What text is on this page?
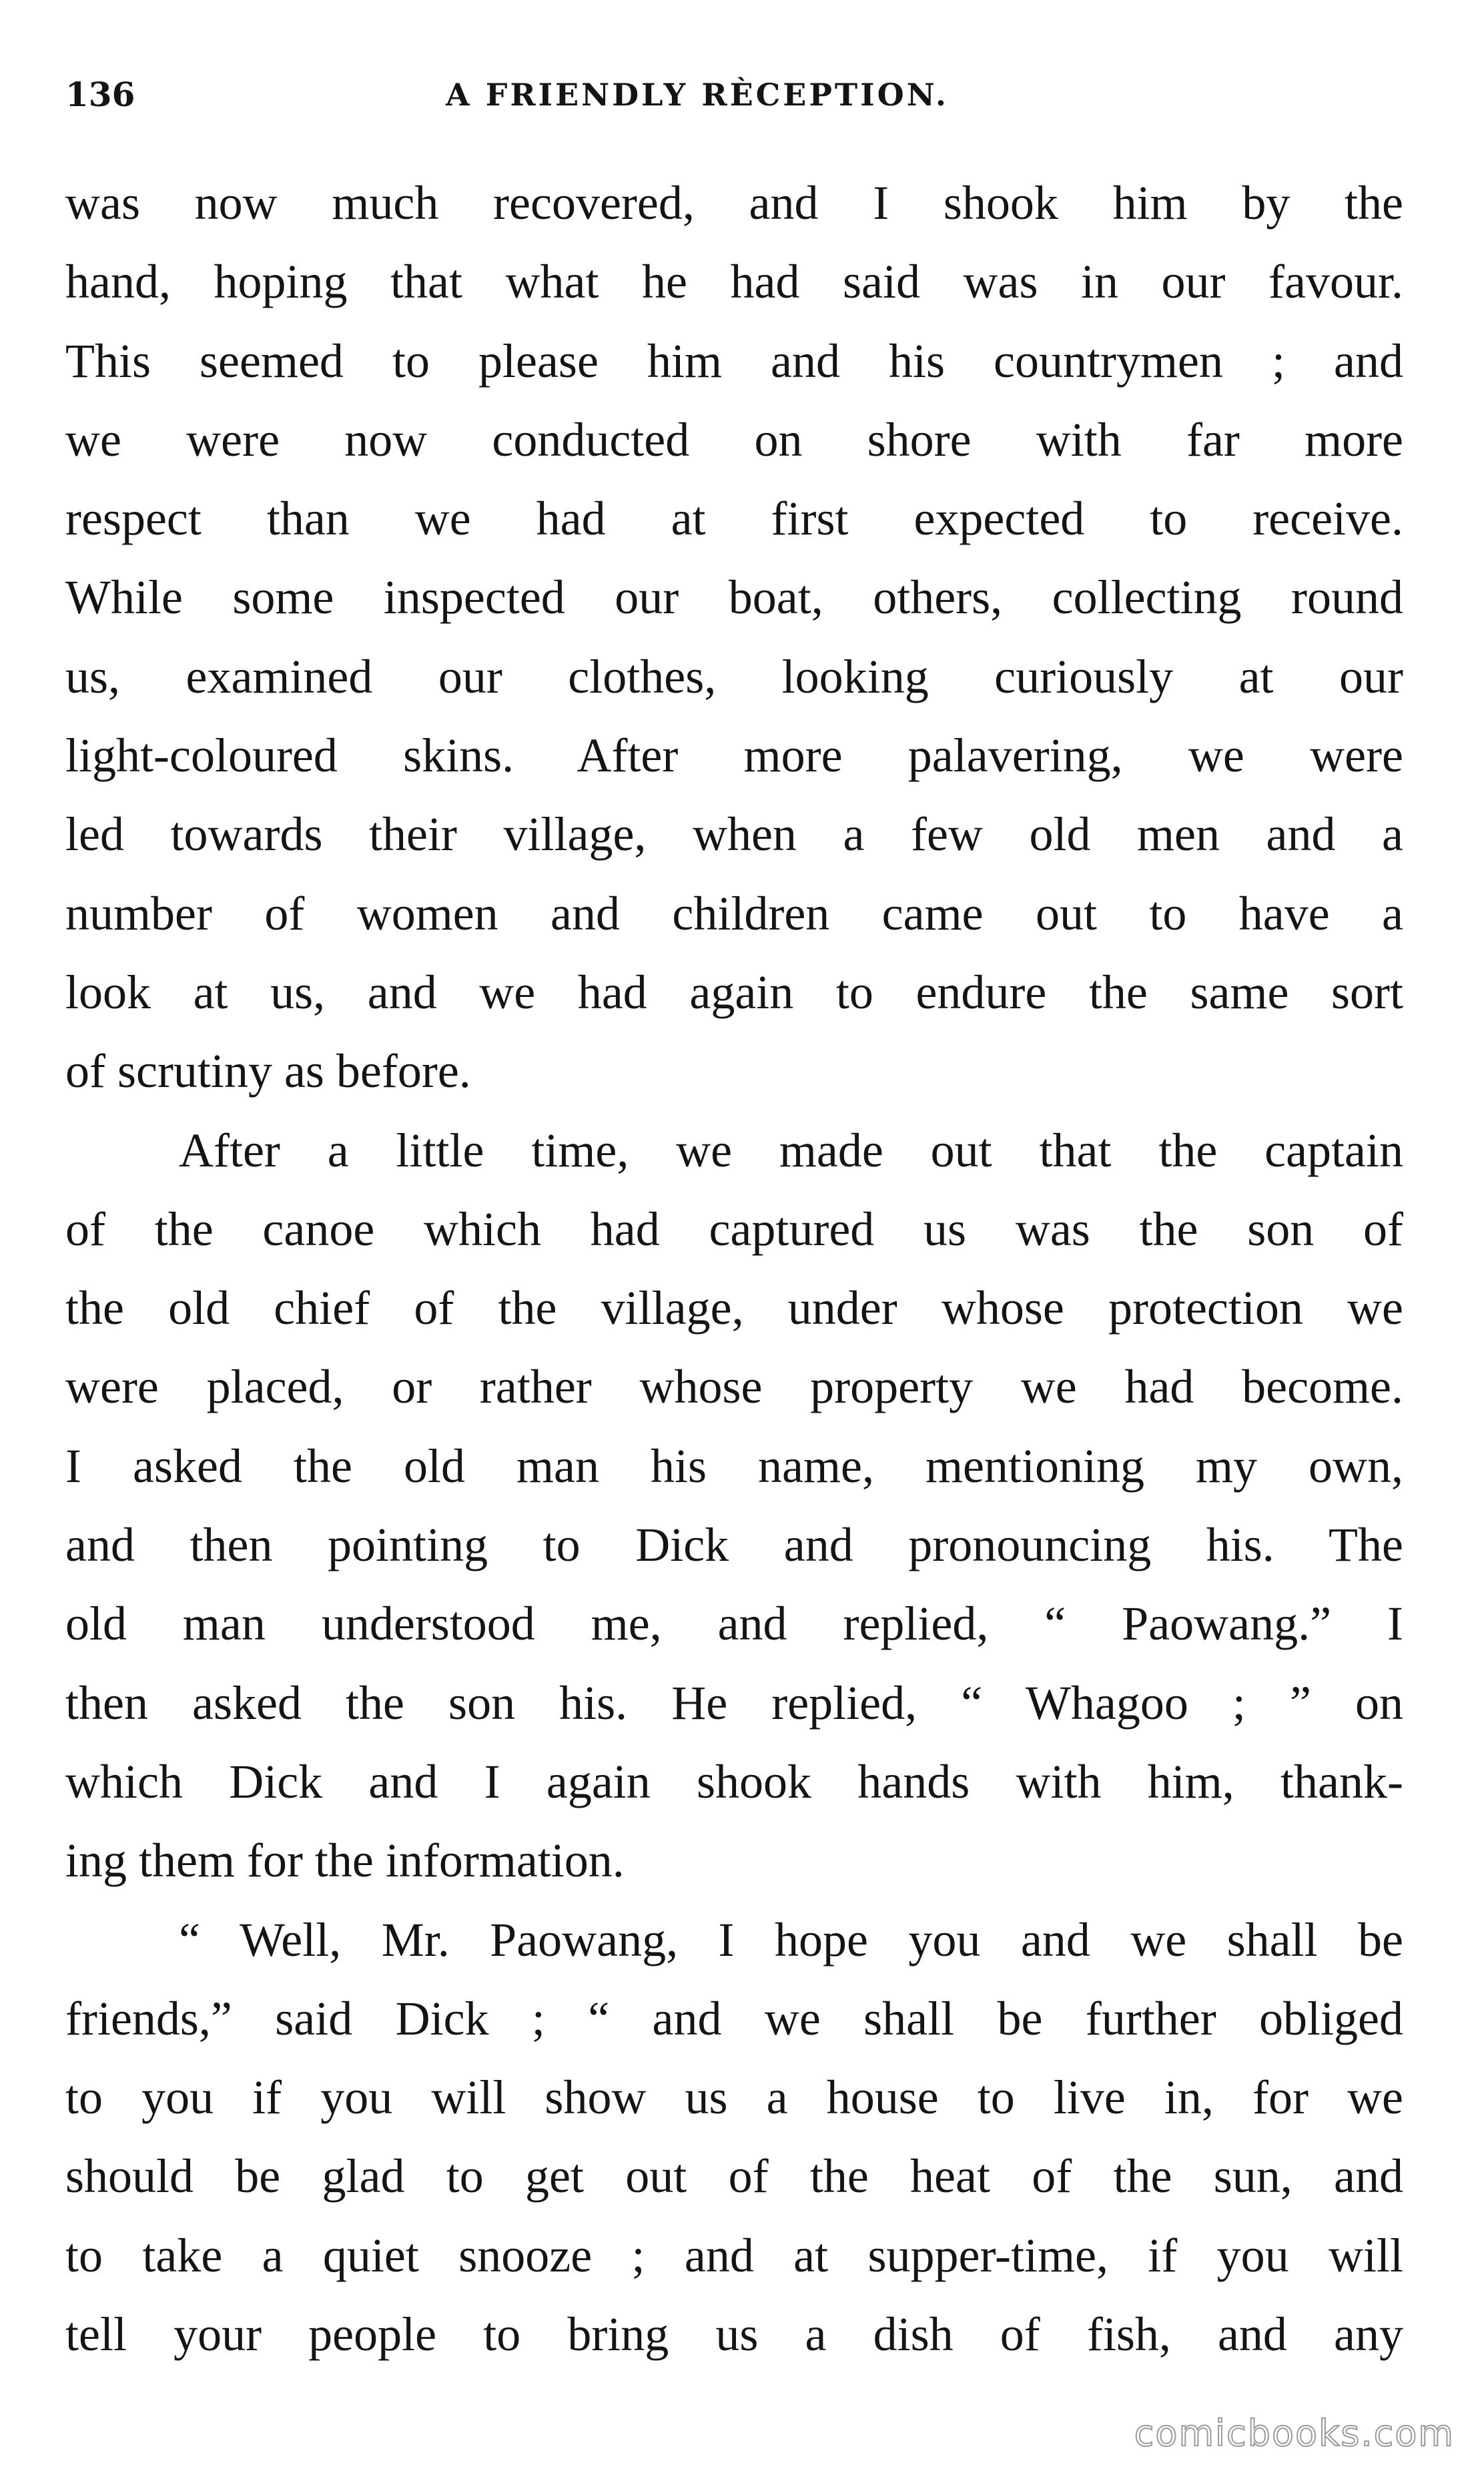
136	A FRIENDLY RÈCEPTION.
was now much recovered, and I shook him by the
hand, hoping that what he had said was in our favour.
This seemed to please him and his countrymen ; and
we were now conducted on shore with far more
respect than we had at first expected to receive.
While some inspected our boat, others, collecting round
us, examined our clothes, looking curiously at our
light-coloured skins. After more palavering, we were
led towards their village, when a few old men and a
number of women and children came out to have a
look at us, and we had again to endure the same sort
of scrutiny as before.
After a little time, we made out that the captain
of the canoe which had captured us was the son of
the old chief of the village, under whose protection we
were placed, or rather whose property we had become.
I asked the old man his name, mentioning my own,
and then pointing to Dick and pronouncing his. The
old man understood me, and replied, “ Paowang.” I
then asked the son his. He replied, “ Whagoo ; ” on
which Dick and I again shook hands with him, thank-
ing them for the information.
“ Well, Mr. Paowang, I hope you and we shall be
friends,” said Dick ; “ and we shall be further obliged
to you if you will show us a house to live in, for we
should be glad to get out of the heat of the sun, and
to take a quiet snooze ; and at supper-time, if you will
tell your people to bring us a dish of fish, and any
comicbooks.com
